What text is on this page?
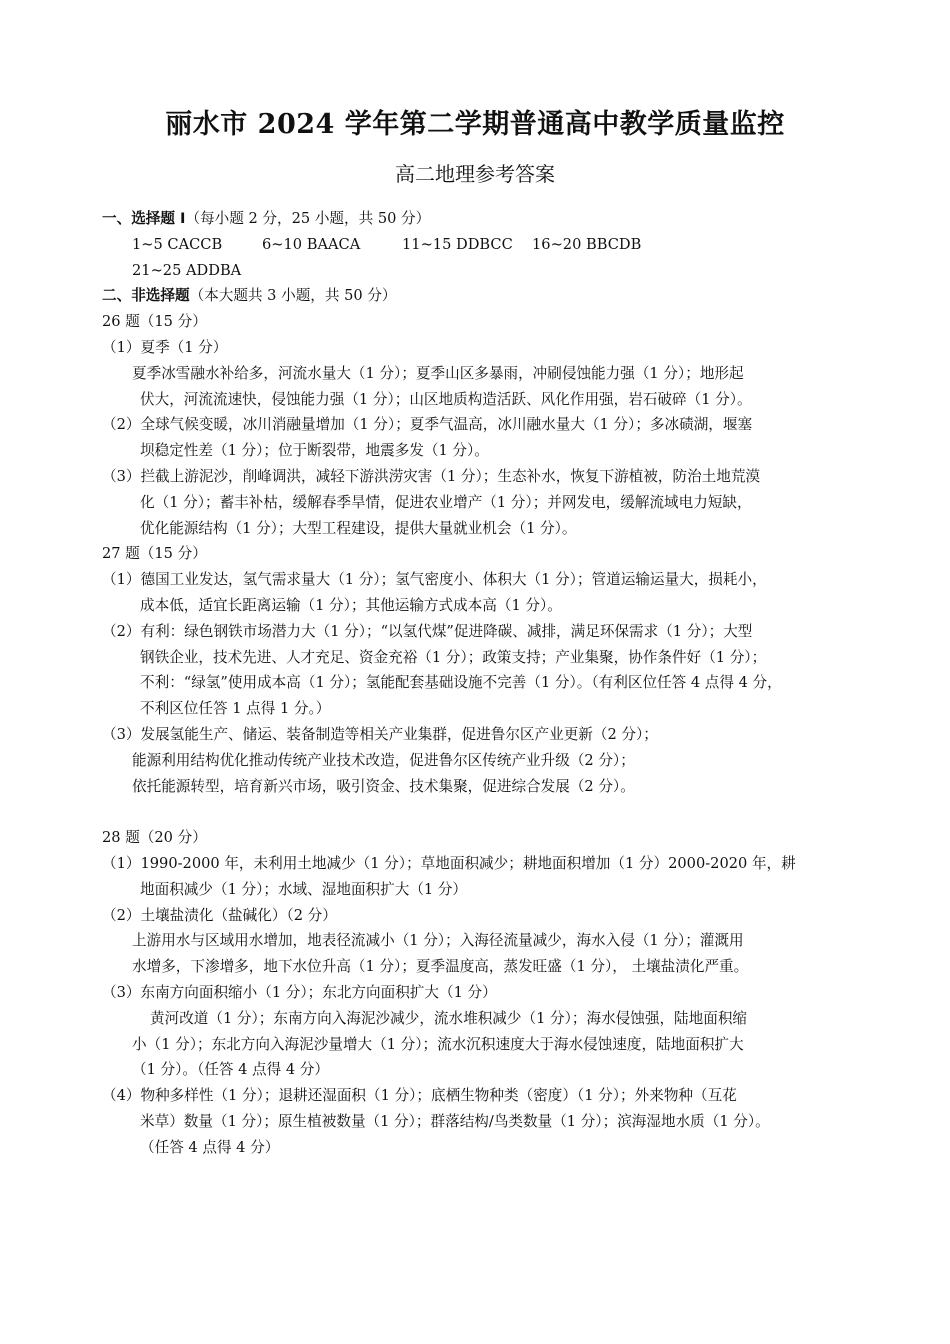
丽水市 2024 学年第二学期普通高中教学质量监控
高二地理参考答案
一、选择题 I（每小题 2 分，25 小题，共 50 分）
1~5 CACCB	6~10 BAACA	11~15 DDBCC	16~20 BBCDB
21~25 ADDBA
二、非选择题（本大题共 3 小题，共 50 分）
26 题（15 分）
（1）夏季（1 分）
夏季冰雪融水补给多，河流水量大（1 分）；夏季山区多暴雨，冲刷侵蚀能力强（1 分）；地形起
伏大，河流流速快，侵蚀能力强（1 分）；山区地质构造活跃、风化作用强，岩石破碎（1 分）。
（2）全球气候变暖，冰川消融量增加（1 分）；夏季气温高，冰川融水量大（1 分）；多冰碛湖，堰塞
坝稳定性差（1 分）；位于断裂带，地震多发（1 分）。
（3）拦截上游泥沙，削峰调洪，减轻下游洪涝灾害（1 分）；生态补水，恢复下游植被，防治土地荒漠
化（1 分）；蓄丰补枯，缓解春季旱情，促进农业增产（1 分）；并网发电，缓解流域电力短缺，
优化能源结构（1 分）；大型工程建设，提供大量就业机会（1 分）。
27 题（15 分）
（1）德国工业发达，氢气需求量大（1 分）；氢气密度小、体积大（1 分）；管道运输运量大，损耗小，
成本低，适宜长距离运输（1 分）；其他运输方式成本高（1 分）。
（2）有利：绿色钢铁市场潜力大（1 分）；“以氢代煤”促进降碳、减排，满足环保需求（1 分）；大型
钢铁企业，技术先进、人才充足、资金充裕（1 分）；政策支持；产业集聚，协作条件好（1 分）；
不利：“绿氢”使用成本高（1 分）；氢能配套基础设施不完善（1 分）。（有利区位任答 4 点得 4 分，
不利区位任答 1 点得 1 分。）
（3）发展氢能生产、储运、装备制造等相关产业集群，促进鲁尔区产业更新（2 分）；
能源利用结构优化推动传统产业技术改造，促进鲁尔区传统产业升级（2 分）；
依托能源转型，培育新兴市场，吸引资金、技术集聚，促进综合发展（2 分）。
28 题（20 分）
（1）1990-2000 年，未利用土地减少（1 分）；草地面积减少；耕地面积增加（1 分）2000-2020 年，耕
地面积减少（1 分）；水域、湿地面积扩大（1 分）
（2）土壤盐渍化（盐碱化）（2 分）
上游用水与区域用水增加，地表径流减小（1 分）；入海径流量减少，海水入侵（1 分）；灌溉用
水增多，下渗增多，地下水位升高（1 分）；夏季温度高，蒸发旺盛（1 分）， 土壤盐渍化严重。
（3）东南方向面积缩小（1 分）；东北方向面积扩大（1 分）
黄河改道（1 分）；东南方向入海泥沙减少，流水堆积减少（1 分）；海水侵蚀强，陆地面积缩
小（1 分）；东北方向入海泥沙量增大（1 分）；流水沉积速度大于海水侵蚀速度，陆地面积扩大
（1 分）。（任答 4 点得 4 分）
（4）物种多样性（1 分）；退耕还湿面积（1 分）；底栖生物种类（密度）（1 分）；外来物种（互花
米草）数量（1 分）；原生植被数量（1 分）；群落结构/鸟类数量（1 分）；滨海湿地水质（1 分）。
（任答 4 点得 4 分）
